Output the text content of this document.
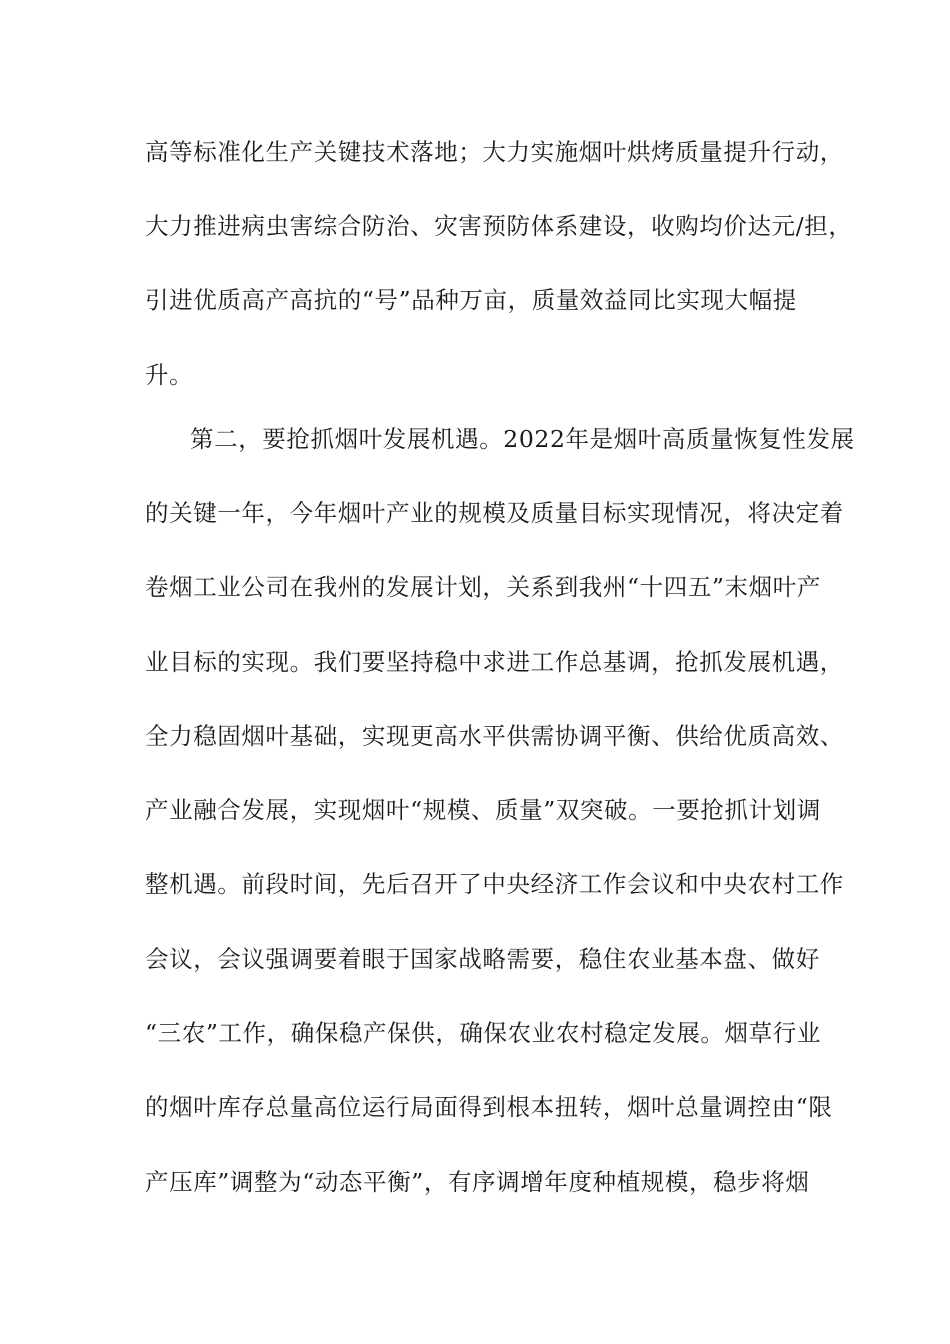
高等标准化生产关键技术落地；大力实施烟叶烘烤质量提升行动，
大力推进病虫害综合防治、灾害预防体系建设，收购均价达元/担，
引进优质高产高抗的“号”品种万亩，质量效益同比实现大幅提
升。
第二，要抢抓烟叶发展机遇。2022年是烟叶高质量恢复性发展
的关键一年，今年烟叶产业的规模及质量目标实现情况，将决定着
卷烟工业公司在我州的发展计划，关系到我州“十四五”末烟叶产
业目标的实现。我们要坚持稳中求进工作总基调，抢抓发展机遇，
全力稳固烟叶基础，实现更高水平供需协调平衡、供给优质高效、
产业融合发展，实现烟叶“规模、质量”双突破。一要抢抓计划调
整机遇。前段时间，先后召开了中央经济工作会议和中央农村工作
会议，会议强调要着眼于国家战略需要，稳住农业基本盘、做好
“三农”工作，确保稳产保供，确保农业农村稳定发展。烟草行业
的烟叶库存总量高位运行局面得到根本扭转，烟叶总量调控由“限
产压库”调整为“动态平衡”，有序调增年度种植规模，稳步将烟
